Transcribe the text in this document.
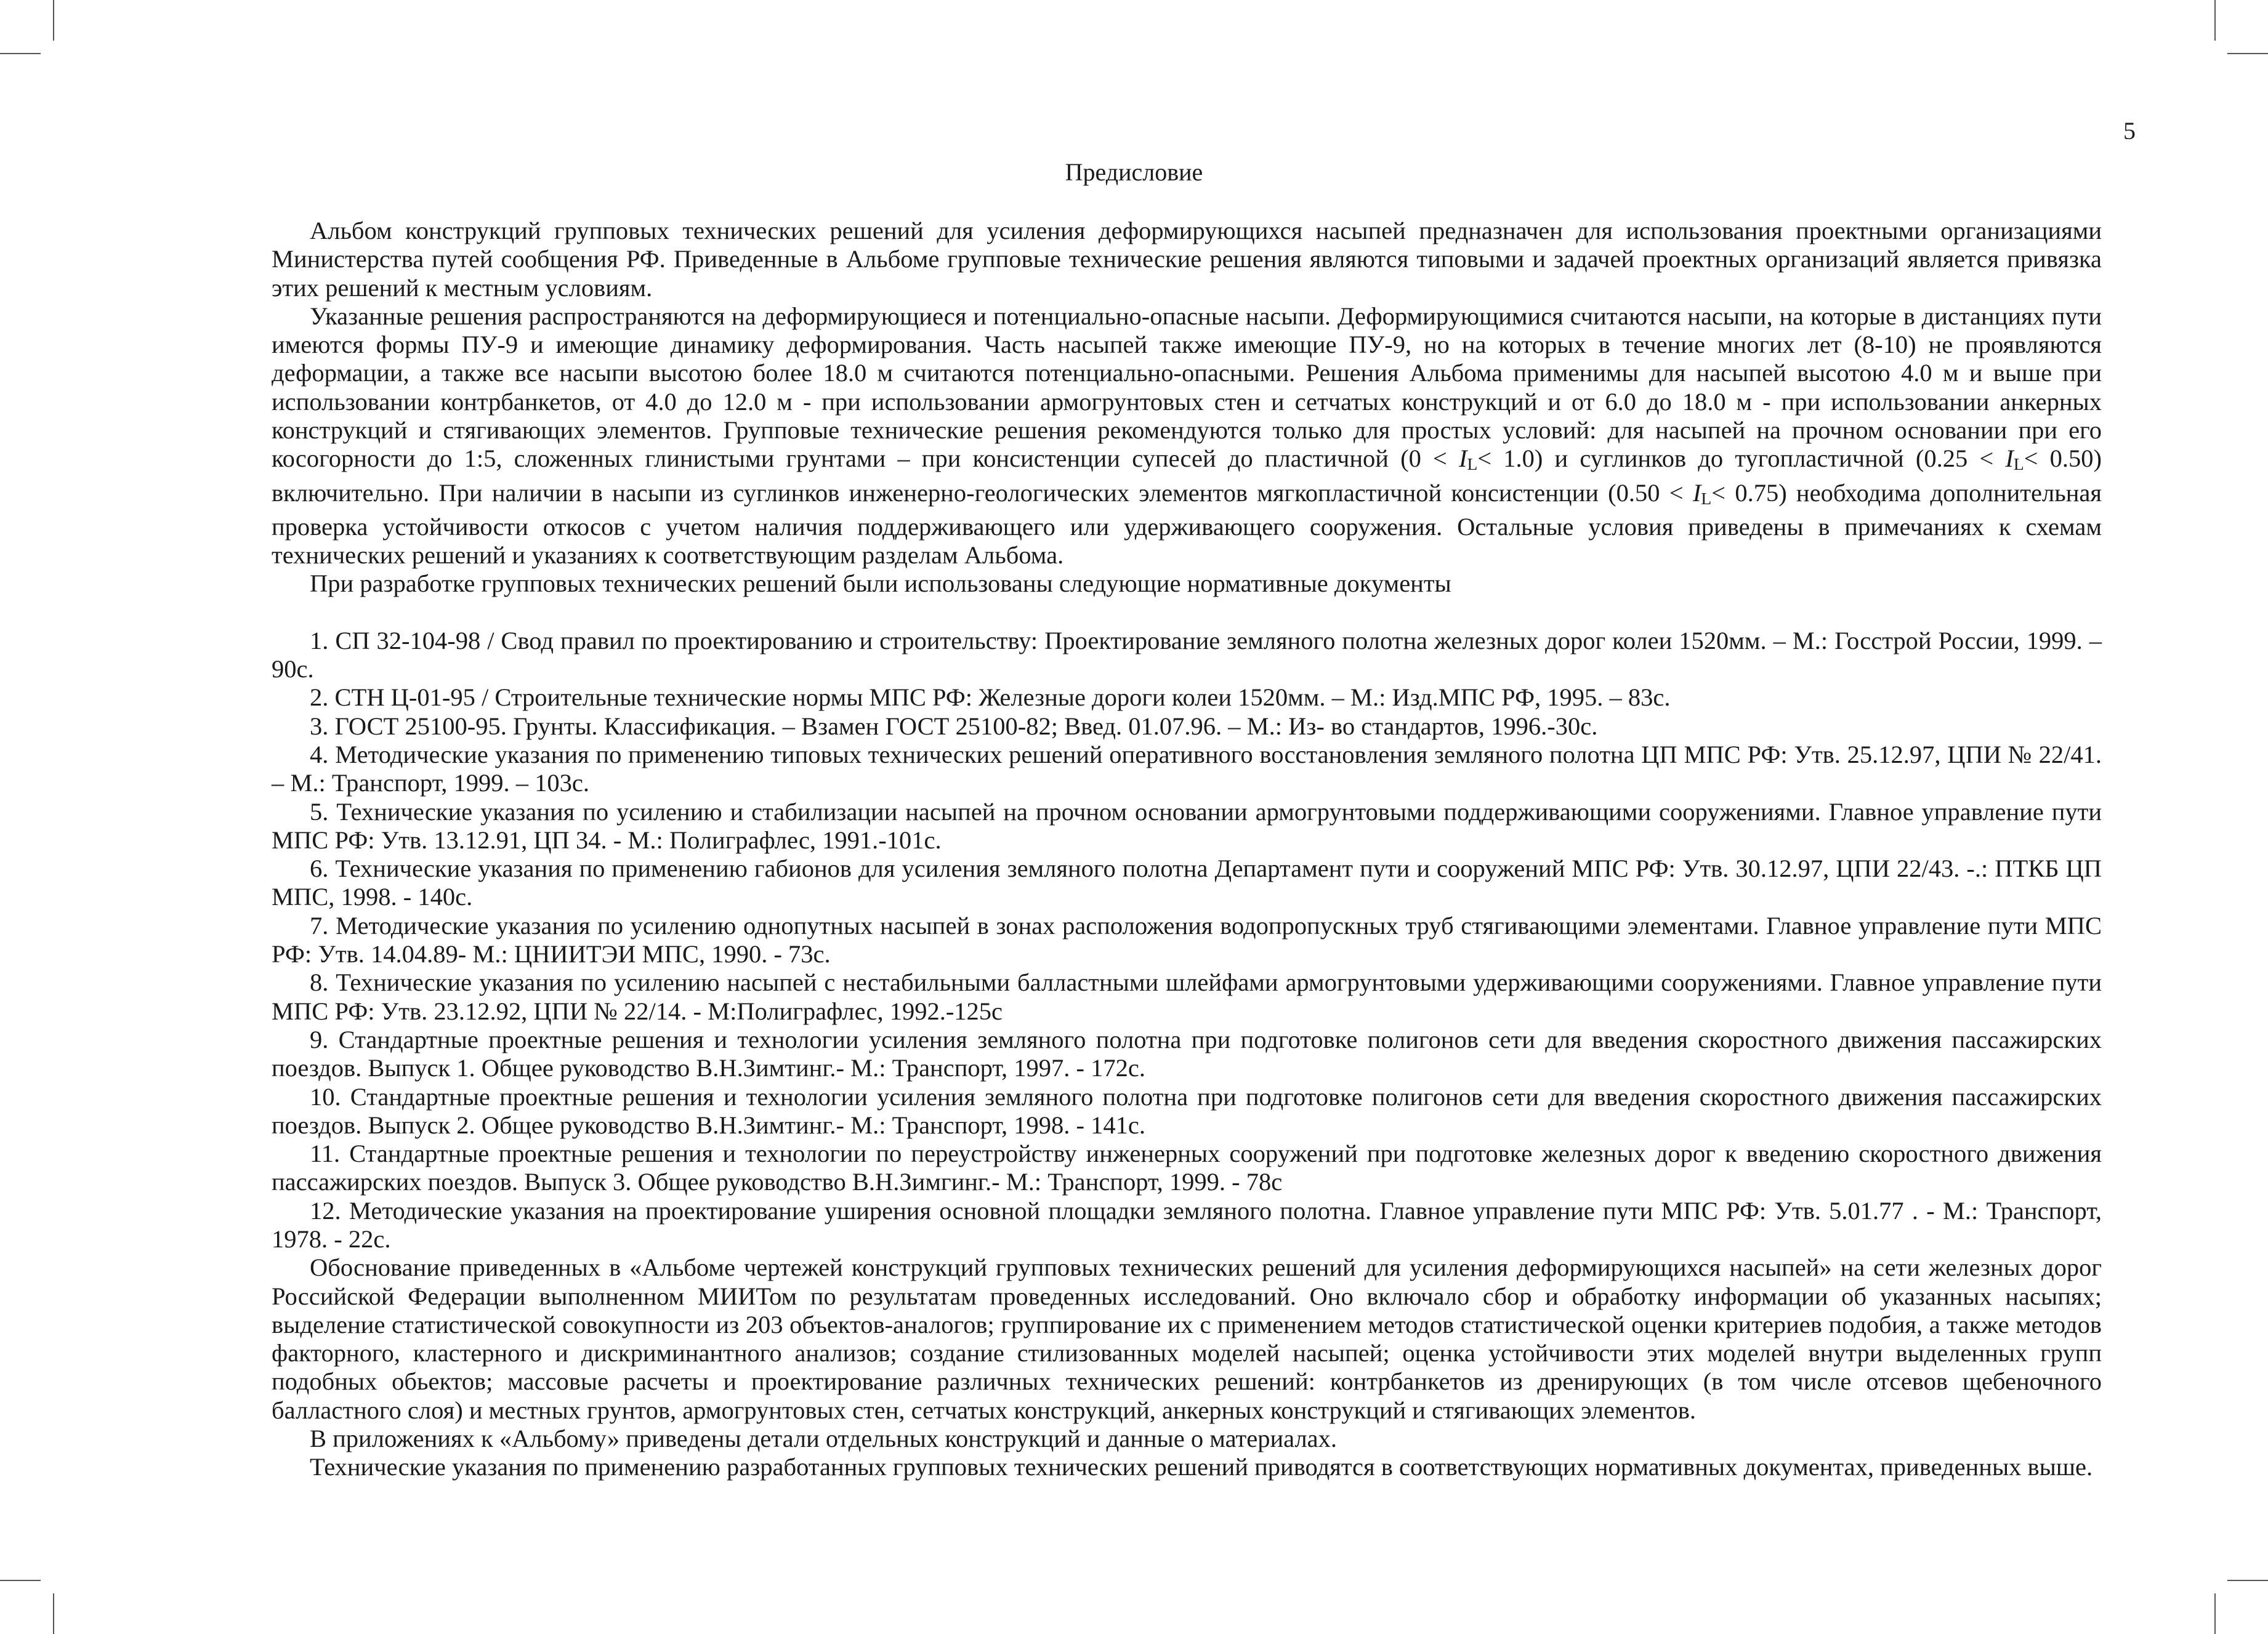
5
Предисловие

Альбом конструкций групповых технических решений для усиления деформирующихся насыпей предназначен для использования проектными организациями Министерства путей сообщения РФ. Приведенные в Альбоме групповые технические решения являются типовыми и задачей проектных организаций является привязка этих решений к местным условиям.

Указанные решения распространяются на деформирующиеся и потенциально-опасные насыпи. Деформирующимися считаются насыпи, на которые в дистанциях пути имеются формы ПУ-9 и имеющие динамику деформирования. Часть насыпей также имеющие ПУ-9, но на которых в течение многих лет (8-10) не проявляются деформации, а также все насыпи высотою более 18.0 м считаются потенциально-опасными. Решения Альбома применимы для насыпей высотою 4.0 м и выше при использовании контрбанкетов, от 4.0 до 12.0 м - при использовании армогрунтовых стен и сетчатых конструкций и от 6.0 до 18.0 м - при использовании анкерных конструкций и стягивающих элементов. Групповые технические решения рекомендуются только для простых условий: для насыпей на прочном основании при его косогорности до 1:5, сложенных глинистыми грунтами – при консистенции супесей до пластичной (0 < IL< 1.0) и суглинков до тугопластичной (0.25 < IL< 0.50) включительно. При наличии в насыпи из суглинков инженерно-геологических элементов мягкопластичной консистенции (0.50 < IL< 0.75) необходима дополнительная проверка устойчивости откосов с учетом наличия поддерживающего или удерживающего сооружения. Остальные условия приведены в примечаниях к схемам технических решений и указаниях к соответствующим разделам Альбома.

При разработке групповых технических решений были использованы следующие нормативные документы

1. СП 32-104-98 / Свод правил по проектированию и строительству: Проектирование земляного полотна железных дорог колеи 1520мм. – М.: Госстрой России, 1999. – 90с.

2. СТН Ц-01-95 / Строительные технические нормы МПС РФ: Железные дороги колеи 1520мм. – М.: Изд.МПС РФ, 1995. – 83с.

3. ГОСТ 25100-95. Грунты. Классификация. – Взамен ГОСТ 25100-82; Введ. 01.07.96. – М.: Из- во стандартов, 1996.-30с.

4. Методические указания по применению типовых технических решений оперативного восстановления земляного полотна ЦП МПС РФ: Утв. 25.12.97, ЦПИ № 22/41. – М.: Транспорт, 1999. – 103с.

5. Технические указания по усилению и стабилизации насыпей на прочном основании армогрунтовыми поддерживающими сооружениями. Главное управление пути МПС РФ: Утв. 13.12.91, ЦП 34. - М.: Полиграфлес, 1991.-101с.

6. Технические указания по применению габионов для усиления земляного полотна Департамент пути и сооружений МПС РФ: Утв. 30.12.97, ЦПИ 22/43. -.: ПТКБ ЦП МПС, 1998. - 140с.

7. Методические указания по усилению однопутных насыпей в зонах расположения водопропускных труб стягивающими элементами. Главное управление пути МПС РФ: Утв. 14.04.89- М.: ЦНИИТЭИ МПС, 1990. - 73с.

8. Технические указания по усилению насыпей с нестабильными балластными шлейфами армогрунтовыми удерживающими сооружениями. Главное управление пути МПС РФ: Утв. 23.12.92, ЦПИ № 22/14. - М:Полиграфлес, 1992.-125с

9. Стандартные проектные решения и технологии усиления земляного полотна при подготовке полигонов сети для введения скоростного движения пассажирских поездов. Выпуск 1. Общее руководство В.Н.Зимтинг.- М.: Транспорт, 1997. - 172с.

10. Стандартные проектные решения и технологии усиления земляного полотна при подготовке полигонов сети для введения скоростного движения пассажирских поездов. Выпуск 2. Общее руководство В.Н.Зимтинг.- М.: Транспорт, 1998. - 141с.

11. Стандартные проектные решения и технологии по переустройству инженерных сооружений при подготовке железных дорог к введению скоростного движения пассажирских поездов. Выпуск 3. Общее руководство В.Н.Зимгинг.- М.: Транспорт, 1999. - 78с

12. Методические указания на проектирование уширения основной площадки земляного полотна. Главное управление пути МПС РФ: Утв. 5.01.77 . - М.: Транспорт, 1978. - 22с.

Обоснование приведенных в «Альбоме чертежей конструкций групповых технических решений для усиления деформирующихся насыпей» на сети железных дорог Российской Федерации выполненном МИИТом по результатам проведенных исследований. Оно включало сбор и обработку информации об указанных насыпях; выделение статистической совокупности из 203 объектов-аналогов; группирование их с применением методов статистической оценки критериев подобия, а также методов факторного, кластерного и дискриминантного анализов; создание стилизованных моделей насыпей; оценка устойчивости этих моделей внутри выделенных групп подобных обьектов; массовые расчеты и проектирование различных технических решений: контрбанкетов из дренирующих (в том числе отсевов щебеночного балластного слоя) и местных грунтов, армогрунтовых стен, сетчатых конструкций, анкерных конструкций и стягивающих элементов.

В приложениях к «Альбому» приведены детали отдельных конструкций и данные о материалах.

Технические указания по применению разработанных групповых технических решений приводятся в соответствующих нормативных документах, приведенных выше.
